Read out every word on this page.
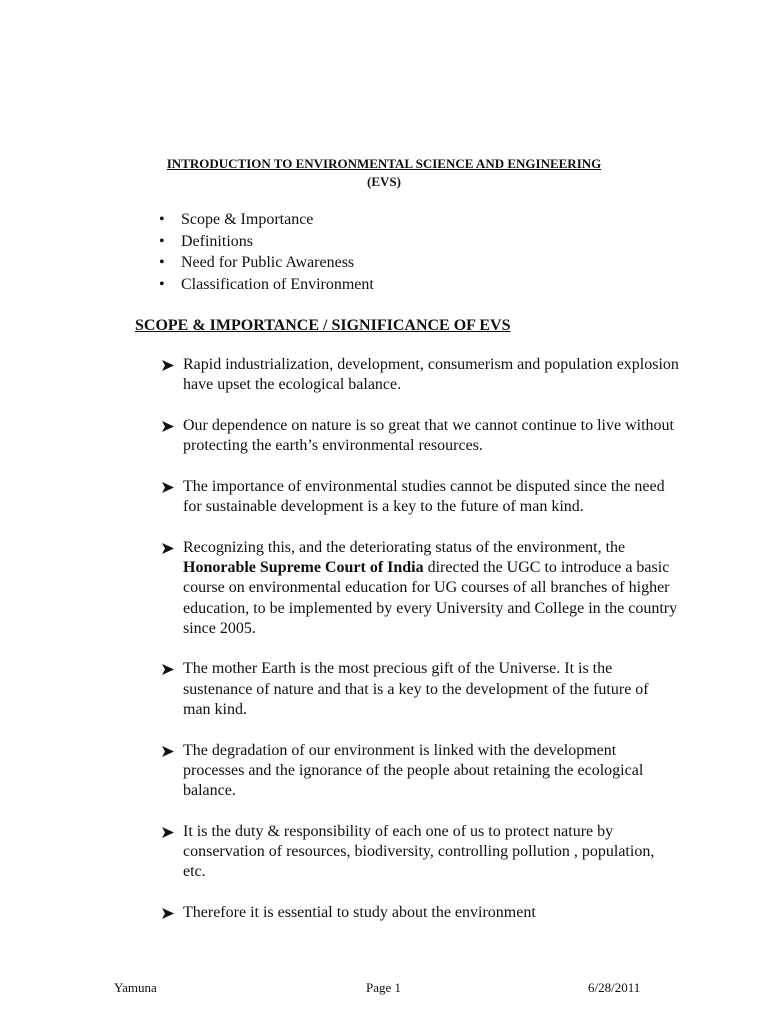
INTRODUCTION TO ENVIRONMENTAL SCIENCE AND ENGINEERING
(EVS)
• Scope & Importance
• Definitions
• Need for Public Awareness
• Classification of Environment
SCOPE & IMPORTANCE / SIGNIFICANCE OF EVS
Rapid industrialization, development, consumerism and population explosion have upset the ecological balance.
Our dependence on nature is so great that we cannot continue to live without protecting the earth’s environmental resources.
The importance of environmental studies cannot be disputed since the need for sustainable development is a key to the future of man kind.
Recognizing this, and the deteriorating status of the environment, the Honorable Supreme Court of India directed the UGC to introduce a basic course on environmental education for UG courses of all branches of higher education, to be implemented by every University and College in the country since 2005.
The mother Earth is the most precious gift of the Universe. It is the sustenance of nature and that is a key to the development of the future of man kind.
The degradation of our environment is linked with the development processes and the ignorance of the people about retaining the ecological balance.
It is the duty & responsibility of each one of us to protect nature by conservation of resources, biodiversity, controlling pollution , population, etc.
Therefore it is essential to study about the environment
Yamuna	Page 1	6/28/2011
